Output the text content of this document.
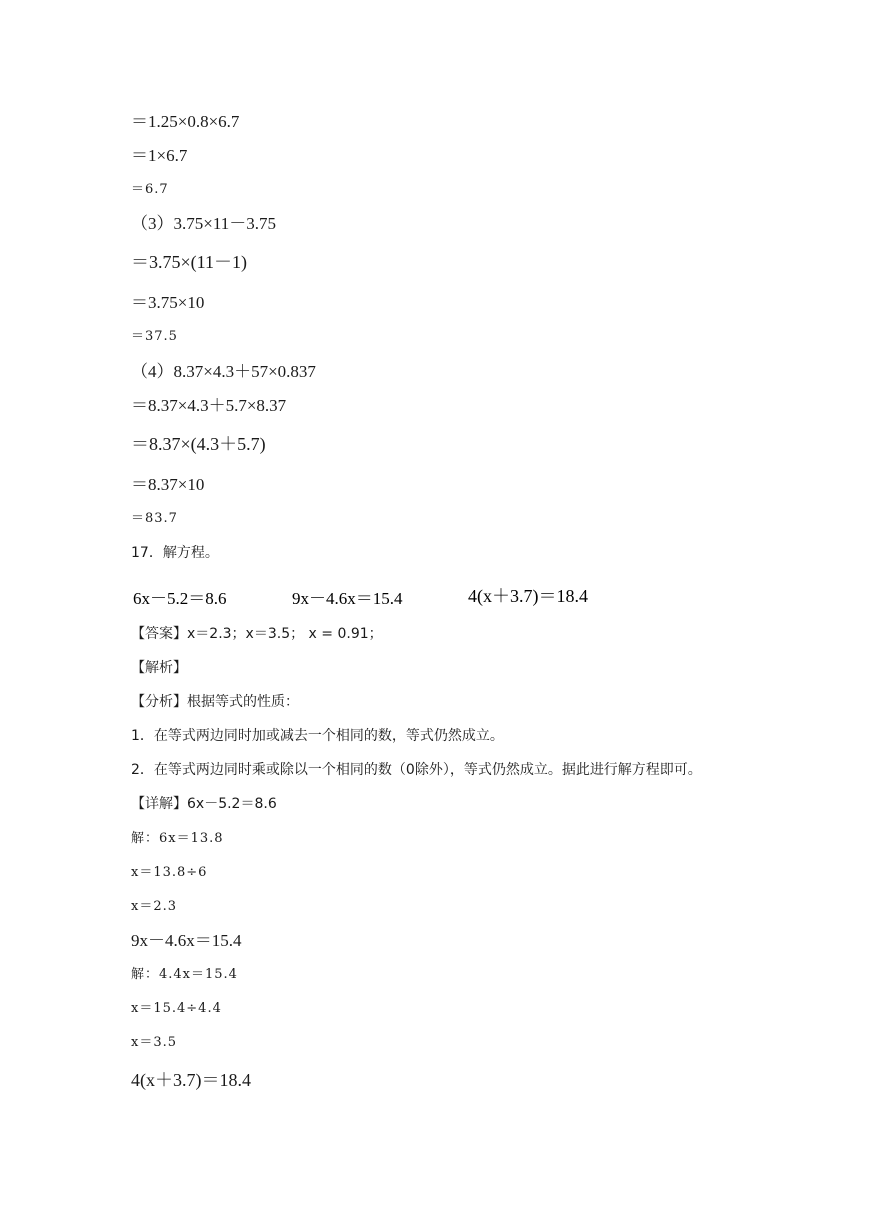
＝1.25×0.8×6.7
＝1×6.7
＝6.7
（3）3.75×11－3.75
＝3.75×(11－1)
＝3.75×10
＝37.5
（4）8.37×4.3＋57×0.837
＝8.37×4.3＋5.7×8.37
＝8.37×(4.3＋5.7)
＝8.37×10
＝83.7
17．解方程。
6x－5.2＝8.6	9x－4.6x＝15.4	4(x＋3.7)＝18.4
【答案】x＝2.3；x＝3.5； x = 0.91；
【解析】
【分析】根据等式的性质：
1．在等式两边同时加或减去一个相同的数，等式仍然成立。
2．在等式两边同时乘或除以一个相同的数（0除外），等式仍然成立。据此进行解方程即可。
【详解】6x－5.2＝8.6
解：6x＝13.8
x＝13.8÷6
x＝2.3
9x－4.6x＝15.4
解：4.4x＝15.4
x＝15.4÷4.4
x＝3.5
4(x＋3.7)＝18.4
